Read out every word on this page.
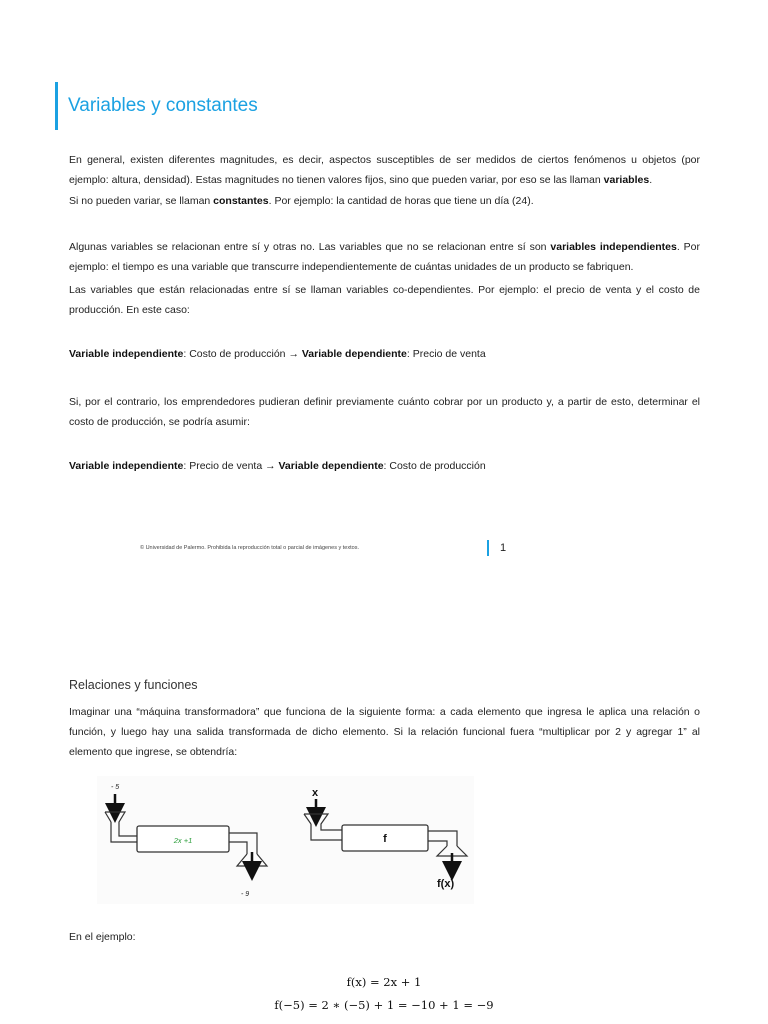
Variables y constantes
En general, existen diferentes magnitudes, es decir, aspectos susceptibles de ser medidos de ciertos fenómenos u objetos (por ejemplo: altura, densidad). Estas magnitudes no tienen valores fijos, sino que pueden variar, por eso se las llaman variables.
Si no pueden variar, se llaman constantes. Por ejemplo: la cantidad de horas que tiene un día (24).
Algunas variables se relacionan entre sí y otras no. Las variables que no se relacionan entre sí son variables independientes. Por ejemplo: el tiempo es una variable que transcurre independientemente de cuántas unidades de un producto se fabriquen.
Las variables que están relacionadas entre sí se llaman variables co-dependientes. Por ejemplo: el precio de venta y el costo de producción. En este caso:
Variable independiente: Costo de producción → Variable dependiente: Precio de venta
Si, por el contrario, los emprendedores pudieran definir previamente cuánto cobrar por un producto y, a partir de esto, determinar el costo de producción, se podría asumir:
Variable independiente: Precio de venta → Variable dependiente: Costo de producción
© Universidad de Palermo. Prohibida la reproducción total o parcial de imágenes y textos.	1
Relaciones y funciones
Imaginar una “máquina transformadora” que funciona de la siguiente forma: a cada elemento que ingresa le aplica una relación o función, y luego hay una salida transformada de dicho elemento. Si la relación funcional fuera “multiplicar por 2 y agregar 1” al elemento que ingrese, se obtendría:
- 5
2x +1
- 9
x
f
f(x)
En el ejemplo:
f(x) = 2x + 1
f(−5) = 2 ∗ (−5) + 1 = −10 + 1 = −9
